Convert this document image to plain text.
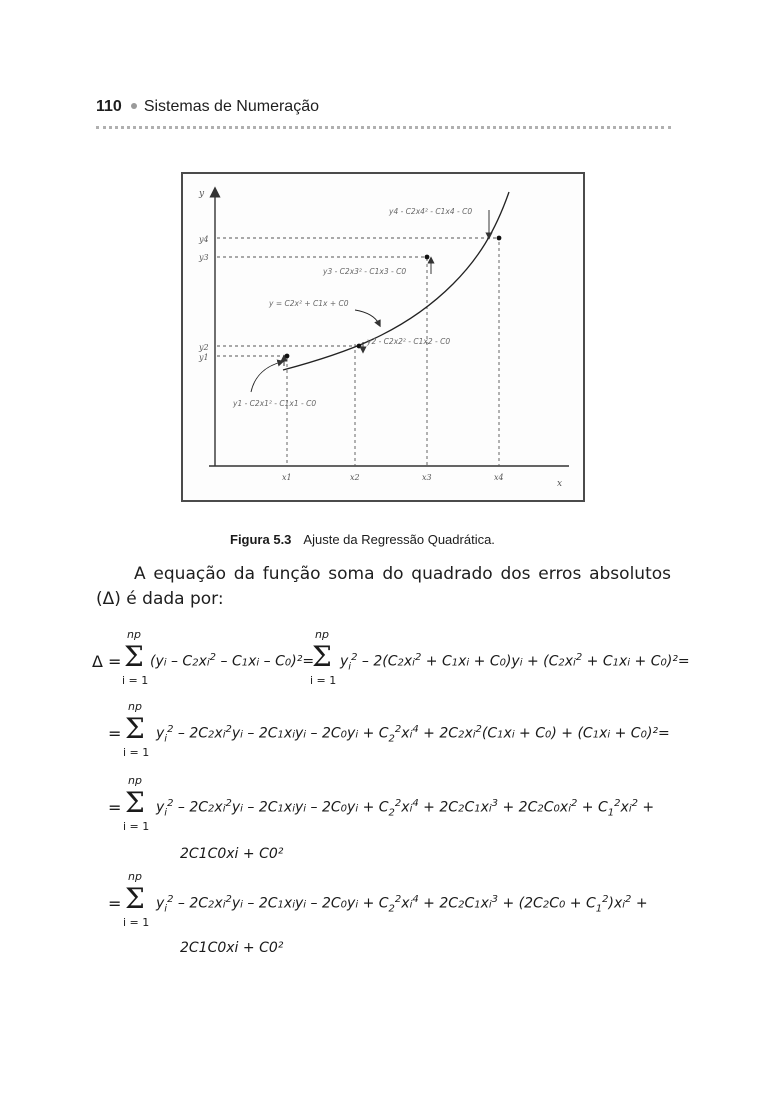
110 Sistemas de Numeração
y
x
y4
y3
y2
y1
x1	x2	x3	x4
y4 - C2x4² - C1x4 - C0
y3 - C2x3² - C1x3 - C0
y = C2x² + C1x + C0
y2 - C2x2² - C1x2 - C0
y1 - C2x1² - C1x1 - C0
Figura 5.3 Ajuste da Regressão Quadrática.
A equação da função soma do quadrado dos erros absolutos (Δ) é dada por:
Δ =
np
Σ
i = 1
$(yi - C2xi^2 - C1xi - C0)^2=$
np
Σ
i = 1
$y_i^2 - 2(C2xi^2 + C1xi + C0)yi + (C2xi^2 + C1xi + C0)^2=$
=
np
Σ
i = 1
$y_i^2 - 2C2xi^2yi$ – 2C1xiyi – $2C0yi + C_2^2xi^4 + 2C2xi^2(C1xi + C0) + (C1xi + C0)^2=$
=
np
Σ
i = 1
$y_i^2 - 2C2xi^2yi$ – 2C1xiyi – $2C0yi + C_2^2xi^4 + 2C2C1xi^3 + 2C2C0xi^2 + C_1^2xi^2$ +
2C1C0xi + C0²
=
np
Σ
i = 1
$y_i^2 - 2C2xi^2yi$ – 2C1xiyi – $2C0yi + C_2^2xi^4 + 2C2C1xi^3 + (2C2C0 + C_1^2)xi^2$ +
2C1C0xi + C0²
